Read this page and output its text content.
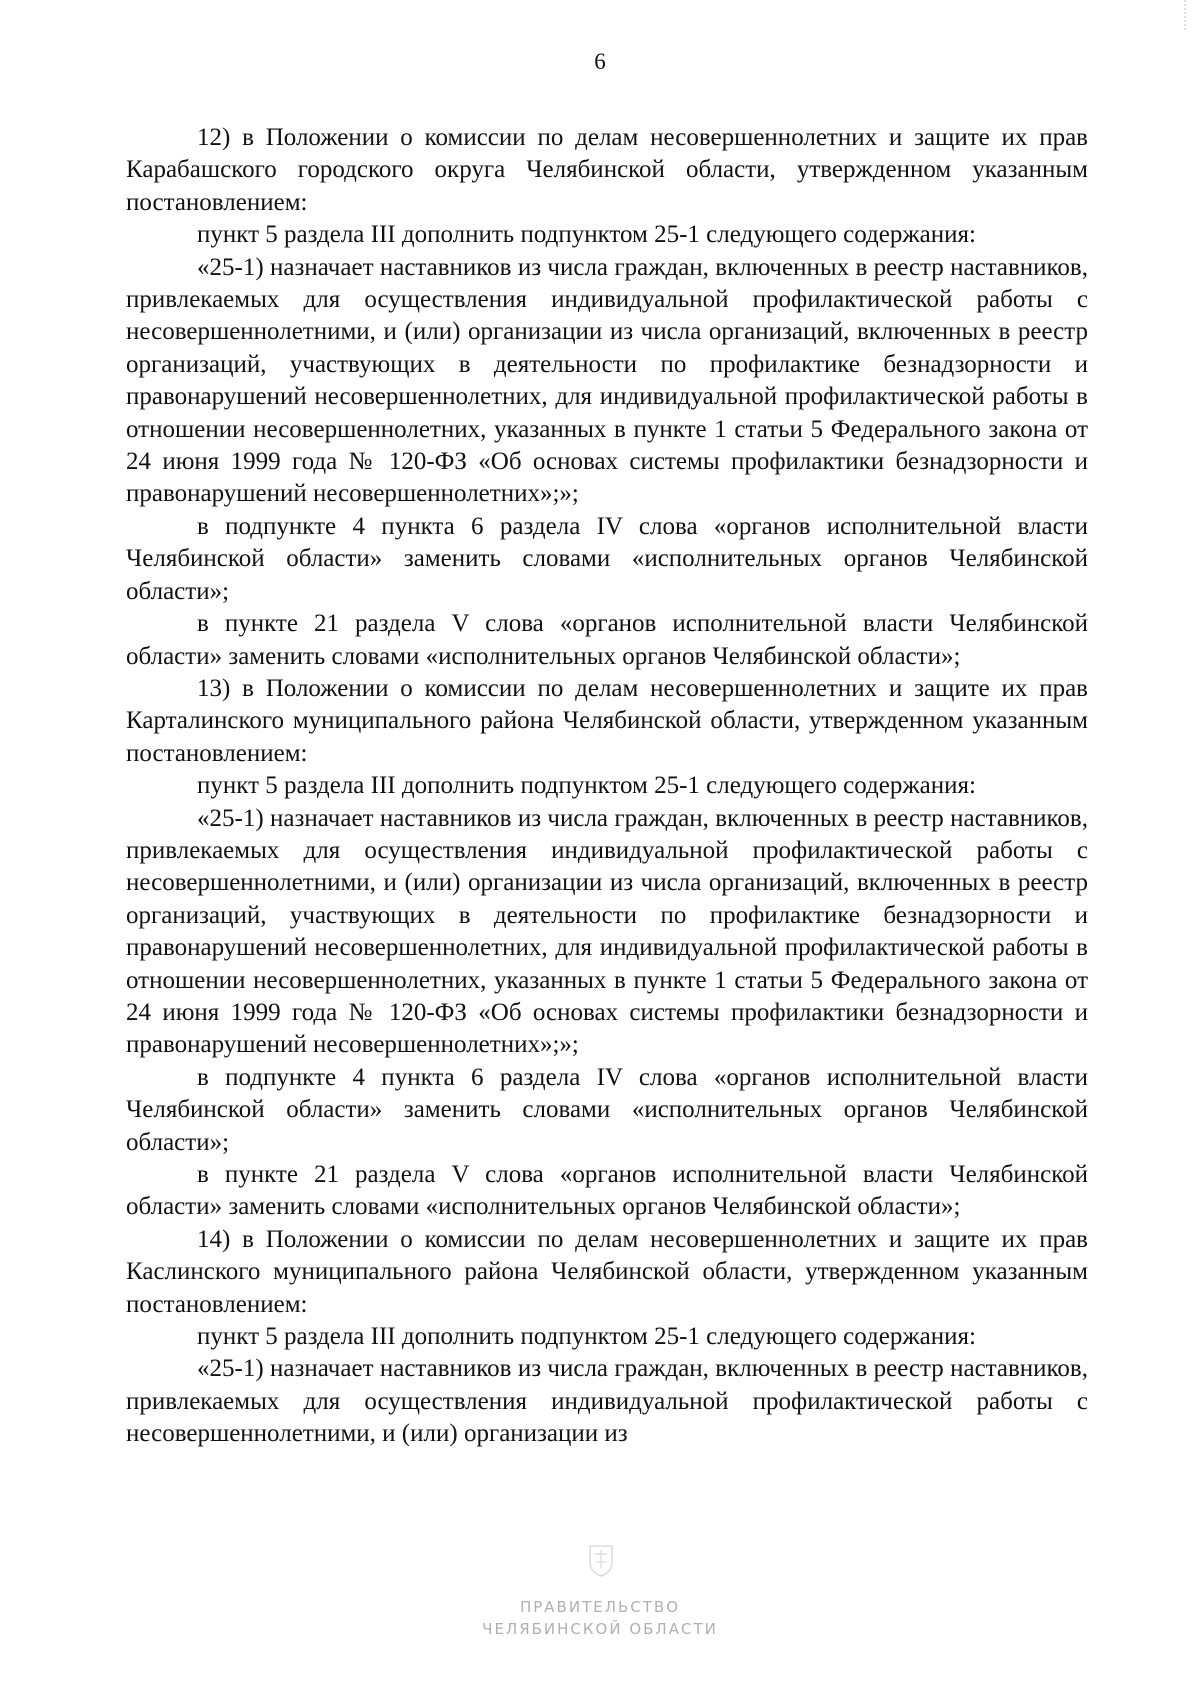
6

12) в Положении о комиссии по делам несовершеннолетних и защите их прав Карабашского городского округа Челябинской области, утвержденном указанным постановлением:

пункт 5 раздела III дополнить подпунктом 25-1 следующего содержания:

«25-1) назначает наставников из числа граждан, включенных в реестр наставников, привлекаемых для осуществления индивидуальной профилактической работы с несовершеннолетними, и (или) организации из числа организаций, включенных в реестр организаций, участвующих в деятельности по профилактике безнадзорности и правонарушений несовершеннолетних, для индивидуальной профилактической работы в отношении несовершеннолетних, указанных в пункте 1 статьи 5 Федерального закона от 24 июня 1999 года № 120-ФЗ «Об основах системы профилактики безнадзорности и правонарушений несовершеннолетних»;»;

в подпункте 4 пункта 6 раздела IV слова «органов исполнительной власти Челябинской области» заменить словами «исполнительных органов Челябинской области»;

в пункте 21 раздела V слова «органов исполнительной власти Челябинской области» заменить словами «исполнительных органов Челябинской области»;

13) в Положении о комиссии по делам несовершеннолетних и защите их прав Карталинского муниципального района Челябинской области, утвержденном указанным постановлением:

пункт 5 раздела III дополнить подпунктом 25-1 следующего содержания:

«25-1) назначает наставников из числа граждан, включенных в реестр наставников, привлекаемых для осуществления индивидуальной профилактической работы с несовершеннолетними, и (или) организации из числа организаций, включенных в реестр организаций, участвующих в деятельности по профилактике безнадзорности и правонарушений несовершеннолетних, для индивидуальной профилактической работы в отношении несовершеннолетних, указанных в пункте 1 статьи 5 Федерального закона от 24 июня 1999 года № 120-ФЗ «Об основах системы профилактики безнадзорности и правонарушений несовершеннолетних»;»;

в подпункте 4 пункта 6 раздела IV слова «органов исполнительной власти Челябинской области» заменить словами «исполнительных органов Челябинской области»;

в пункте 21 раздела V слова «органов исполнительной власти Челябинской области» заменить словами «исполнительных органов Челябинской области»;

14) в Положении о комиссии по делам несовершеннолетних и защите их прав Каслинского муниципального района Челябинской области, утвержденном указанным постановлением:

пункт 5 раздела III дополнить подпунктом 25-1 следующего содержания:

«25-1) назначает наставников из числа граждан, включенных в реестр наставников, привлекаемых для осуществления индивидуальной профилактической работы с несовершеннолетними, и (или) организации из

ПРАВИТЕЛЬСТВО
ЧЕЛЯБИНСКОЙ ОБЛАСТИ
